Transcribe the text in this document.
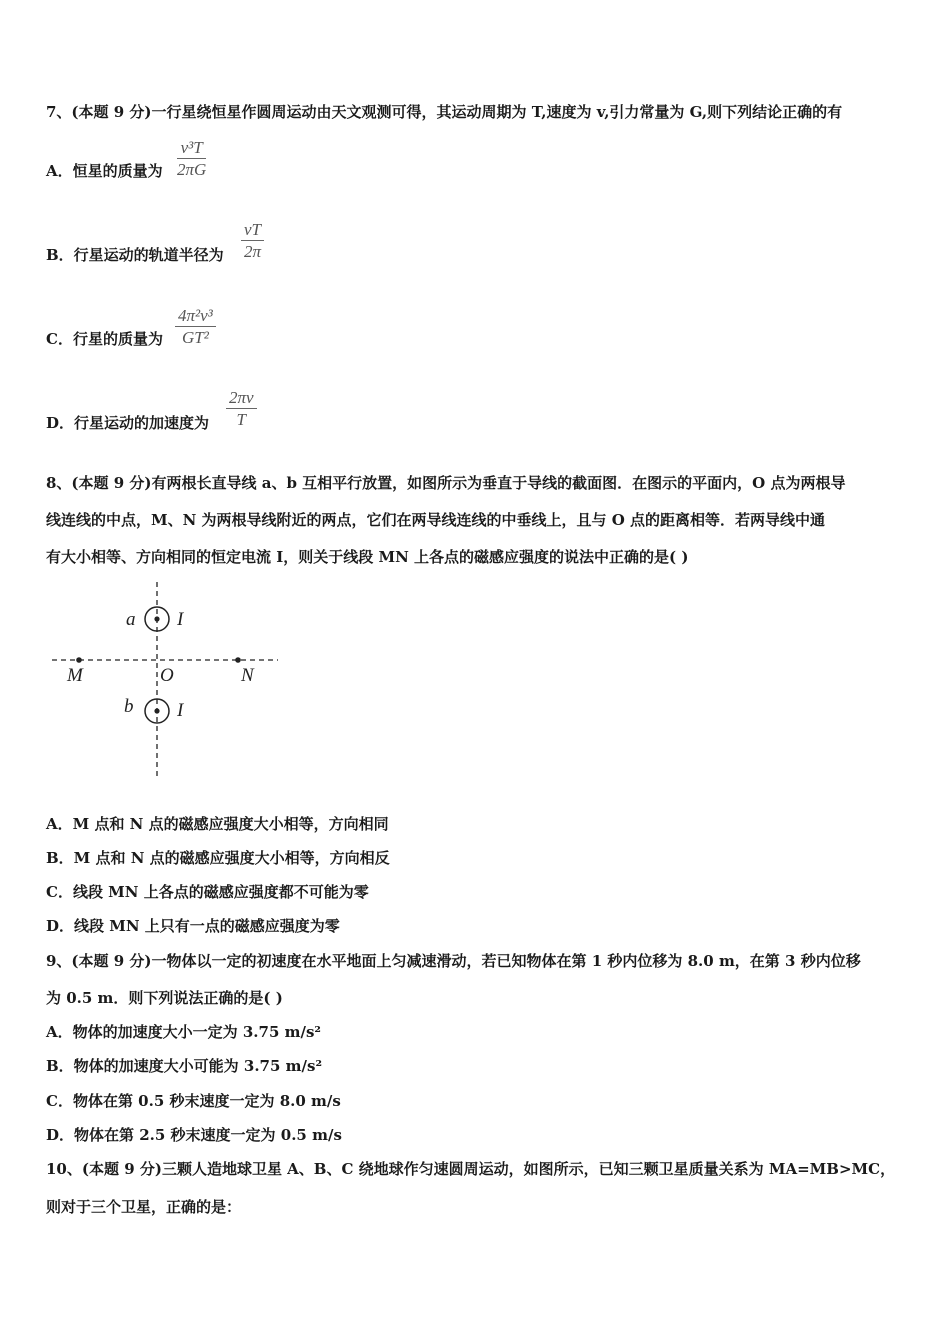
7、(本题 9 分)一行星绕恒星作圆周运动由天文观测可得，其运动周期为 T,速度为 v,引力常量为 G,则下列结论正确的有
A．恒星的质量为
v³T
2πG
B．行星运动的轨道半径为
vT
2π
C．行星的质量为
4π²v³
GT²
D．行星运动的加速度为
2πv
T
8、(本题 9 分)有两根长直导线 a、b 互相平行放置，如图所示为垂直于导线的截面图．在图示的平面内，O 点为两根导
线连线的中点，M、N 为两根导线附近的两点，它们在两导线连线的中垂线上，且与 O 点的距离相等．若两导线中通
有大小相等、方向相同的恒定电流 I，则关于线段 MN 上各点的磁感应强度的说法中正确的是( )
a I
M	O	N
b I
A．M 点和 N 点的磁感应强度大小相等，方向相同
B．M 点和 N 点的磁感应强度大小相等，方向相反
C．线段 MN 上各点的磁感应强度都不可能为零
D．线段 MN 上只有一点的磁感应强度为零
9、(本题 9 分)一物体以一定的初速度在水平地面上匀减速滑动，若已知物体在第 1 秒内位移为 8.0 m，在第 3 秒内位移
为 0.5 m．则下列说法正确的是( )
A．物体的加速度大小一定为 3.75 m/s²
B．物体的加速度大小可能为 3.75 m/s²
C．物体在第 0.5 秒末速度一定为 8.0 m/s
D．物体在第 2.5 秒末速度一定为 0.5 m/s
10、(本题 9 分)三颗人造地球卫星 A、B、C 绕地球作匀速圆周运动，如图所示，已知三颗卫星质量关系为 MA=MB>MC，
则对于三个卫星，正确的是：
